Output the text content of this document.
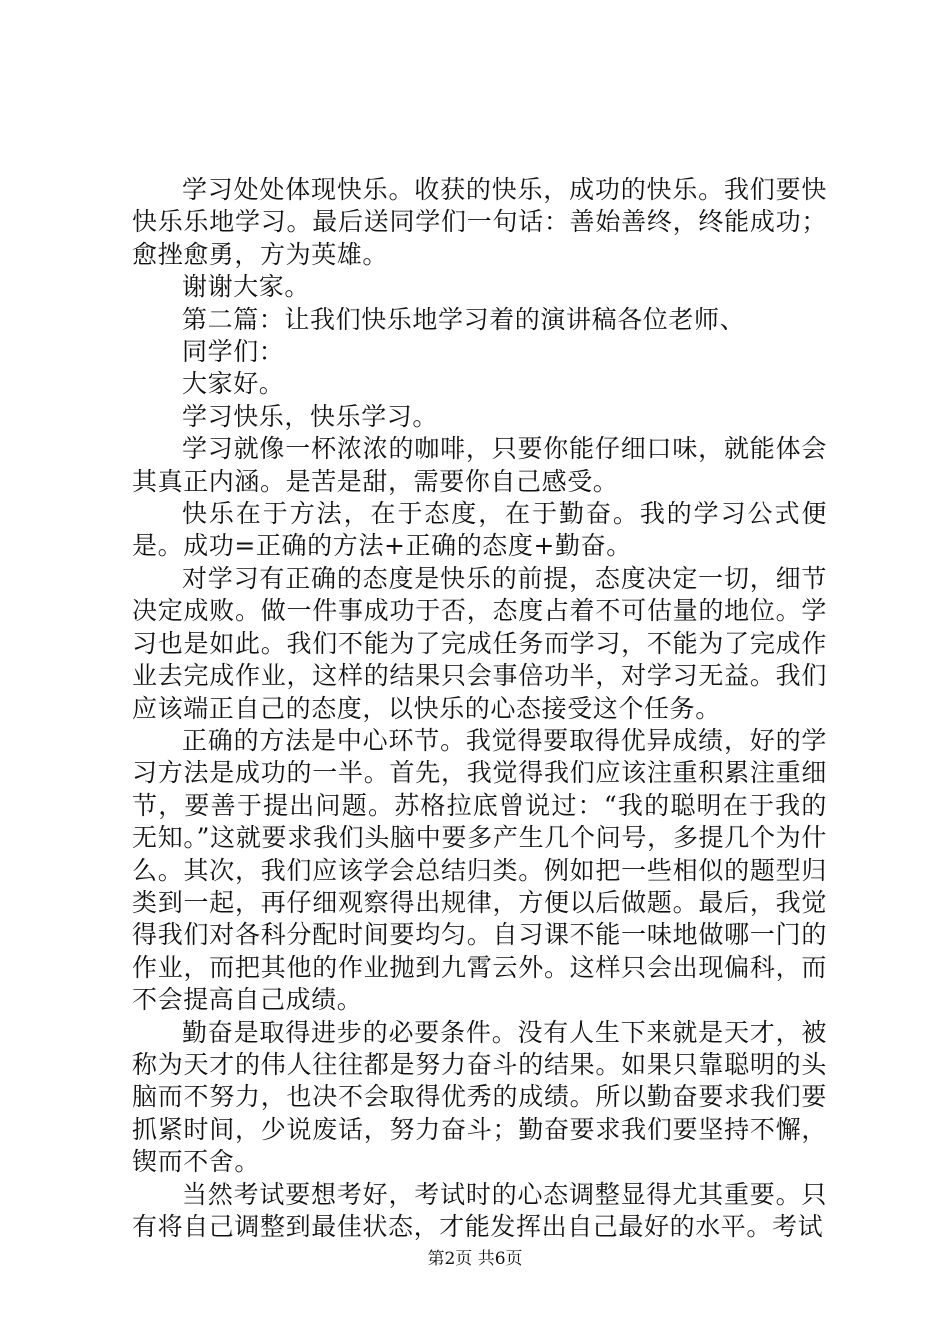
学习处处体现快乐。收获的快乐，成功的快乐。我们要快快乐乐地学习。最后送同学们一句话：善始善终，终能成功；愈挫愈勇，方为英雄。

谢谢大家。

第二篇：让我们快乐地学习着的演讲稿各位老师、

同学们：

大家好。

学习快乐，快乐学习。

学习就像一杯浓浓的咖啡，只要你能仔细口味，就能体会其真正内涵。是苦是甜，需要你自己感受。

快乐在于方法，在于态度，在于勤奋。我的学习公式便是。成功=正确的方法+正确的态度+勤奋。

对学习有正确的态度是快乐的前提，态度决定一切，细节决定成败。做一件事成功于否，态度占着不可估量的地位。学习也是如此。我们不能为了完成任务而学习，不能为了完成作业去完成作业，这样的结果只会事倍功半，对学习无益。我们应该端正自己的态度，以快乐的心态接受这个任务。

正确的方法是中心环节。我觉得要取得优异成绩，好的学习方法是成功的一半。首先，我觉得我们应该注重积累注重细节，要善于提出问题。苏格拉底曾说过：“我的聪明在于我的无知。”这就要求我们头脑中要多产生几个问号，多提几个为什么。其次，我们应该学会总结归类。例如把一些相似的题型归类到一起，再仔细观察得出规律，方便以后做题。最后，我觉得我们对各科分配时间要均匀。自习课不能一味地做哪一门的作业，而把其他的作业抛到九霄云外。这样只会出现偏科，而不会提高自己成绩。

勤奋是取得进步的必要条件。没有人生下来就是天才，被称为天才的伟人往往都是努力奋斗的结果。如果只靠聪明的头脑而不努力，也决不会取得优秀的成绩。所以勤奋要求我们要抓紧时间，少说废话，努力奋斗；勤奋要求我们要坚持不懈，锲而不舍。

当然考试要想考好，考试时的心态调整显得尤其重要。只有将自己调整到最佳状态，才能发挥出自己最好的水平。考试

第2页 共6页
